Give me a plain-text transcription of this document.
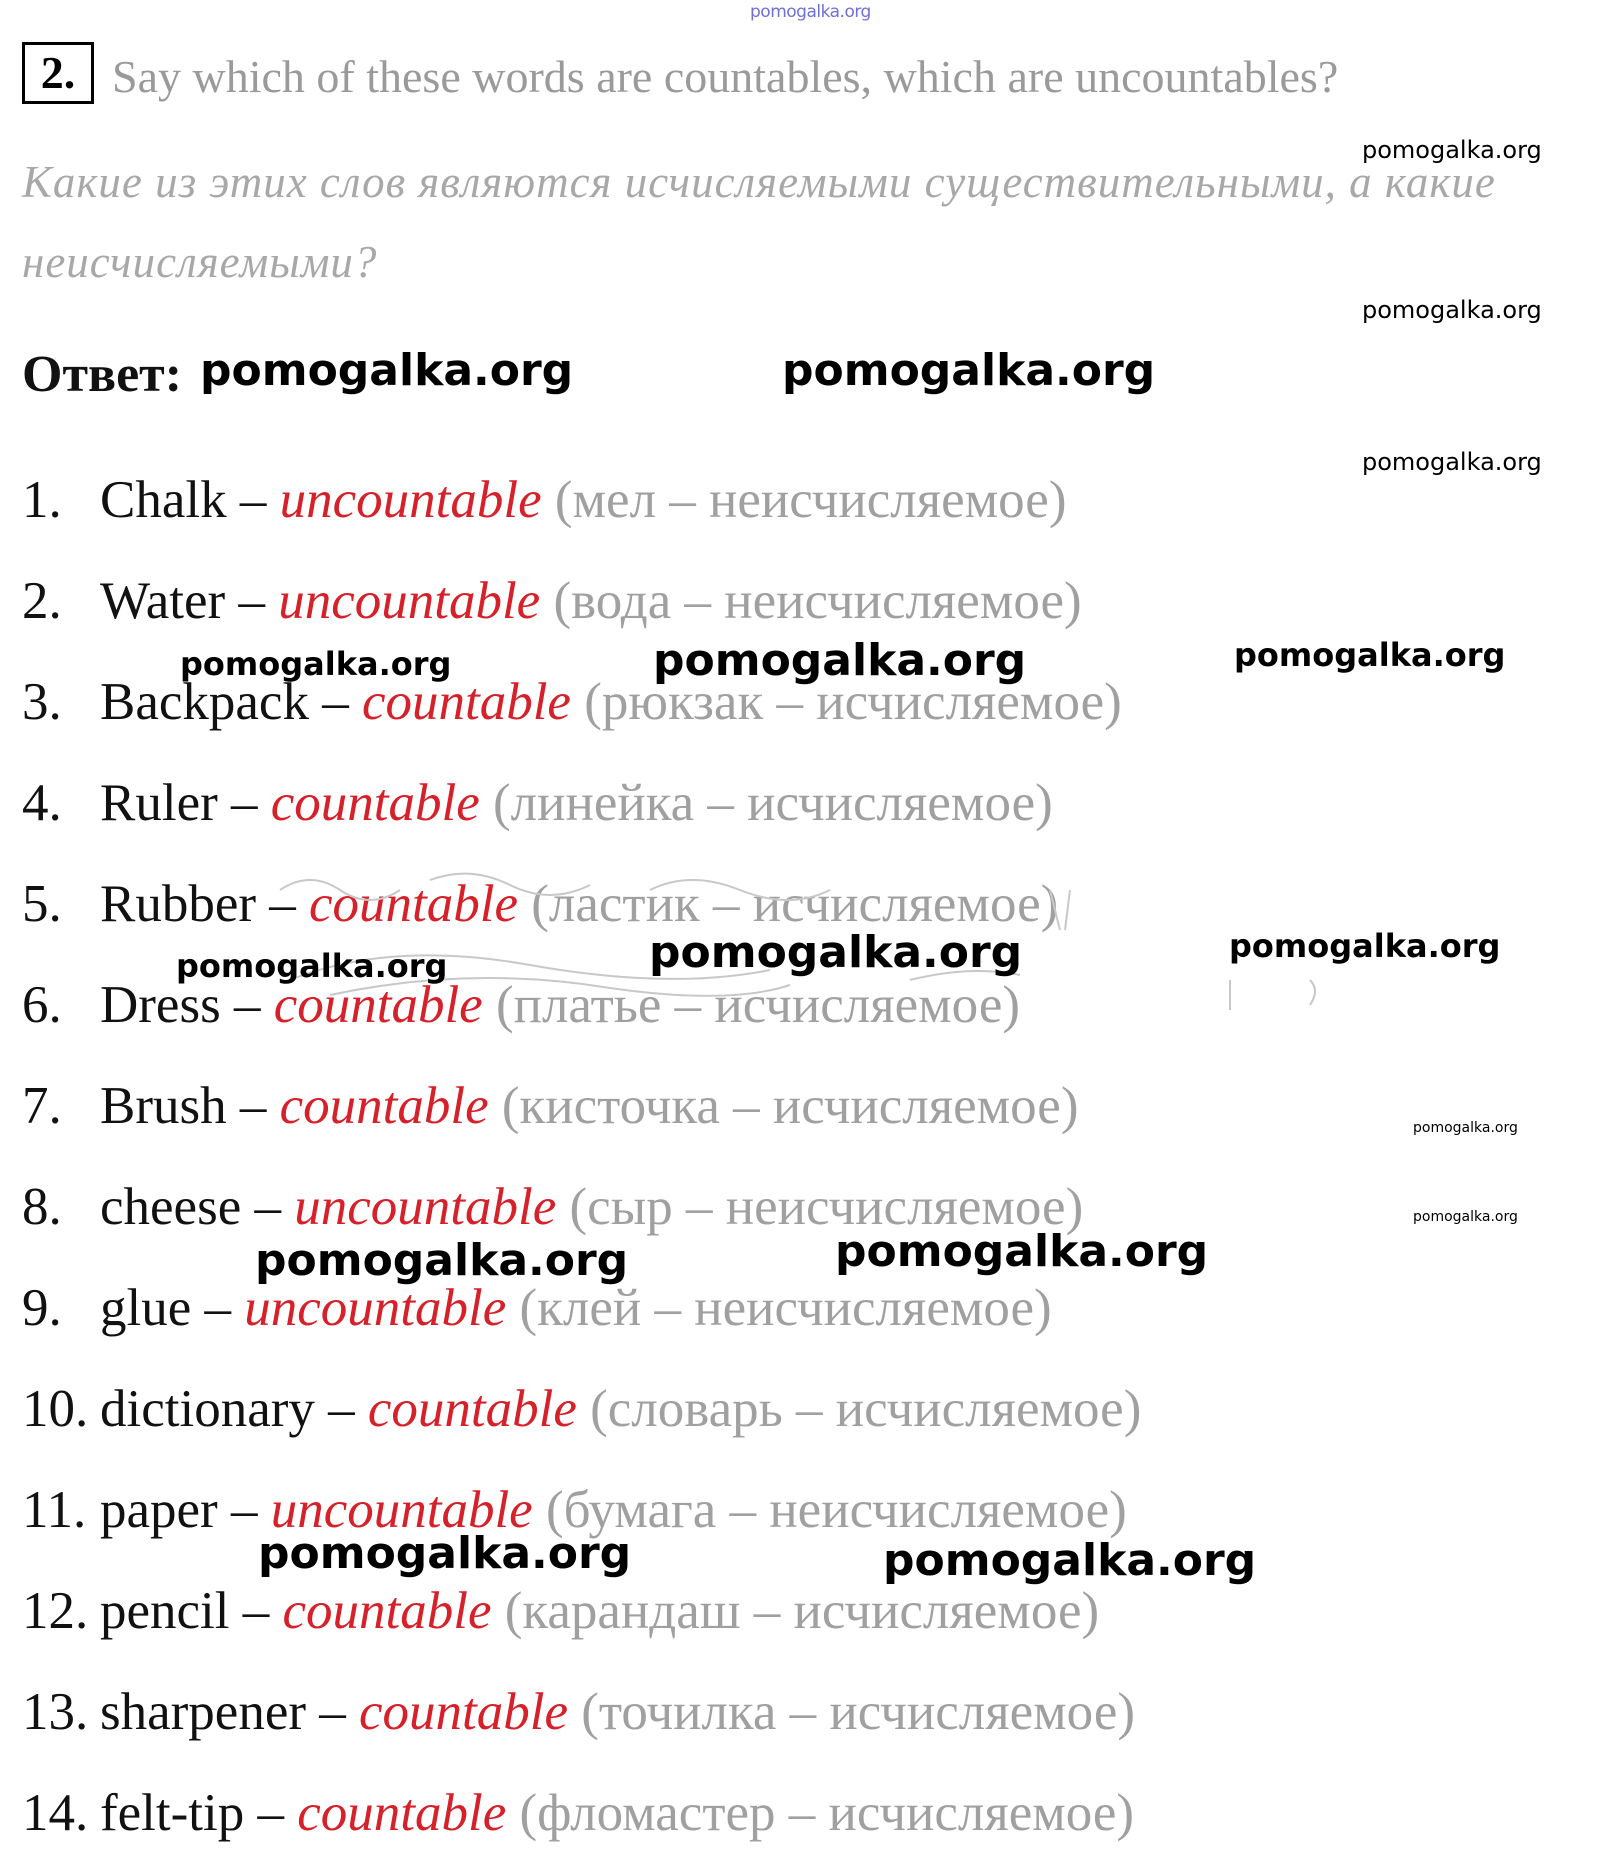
pomogalka.org
2. Say which of these words are countables, which are uncountables?
Какие из этих слов являются исчисляемыми существительными, а какие неисчисляемыми?
Ответ:
1. Chalk – uncountable (мел – неисчисляемое)
2. Water – uncountable (вода – неисчисляемое)
3. Backpack – countable (рюкзак – исчисляемое)
4. Ruler – countable (линейка – исчисляемое)
5. Rubber – countable (ластик – исчисляемое)
6. Dress – countable (платье – исчисляемое)
7. Brush – countable (кисточка – исчисляемое)
8. cheese – uncountable (сыр – неисчисляемое)
9. glue – uncountable (клей – неисчисляемое)
10. dictionary – countable (словарь – исчисляемое)
11. paper – uncountable (бумага – неисчисляемое)
12. pencil – countable (карандаш – исчисляемое)
13. sharpener – countable (точилка – исчисляемое)
14. felt-tip – countable (фломастер – исчисляемое)
pomogalka.org
pomogalka.org
pomogalka.org	pomogalka.org
pomogalka.org
pomogalka.org	pomogalka.org	pomogalka.org
pomogalka.org	pomogalka.org	pomogalka.org
pomogalka.org
pomogalka.org
pomogalka.org	pomogalka.org
pomogalka.org	pomogalka.org
